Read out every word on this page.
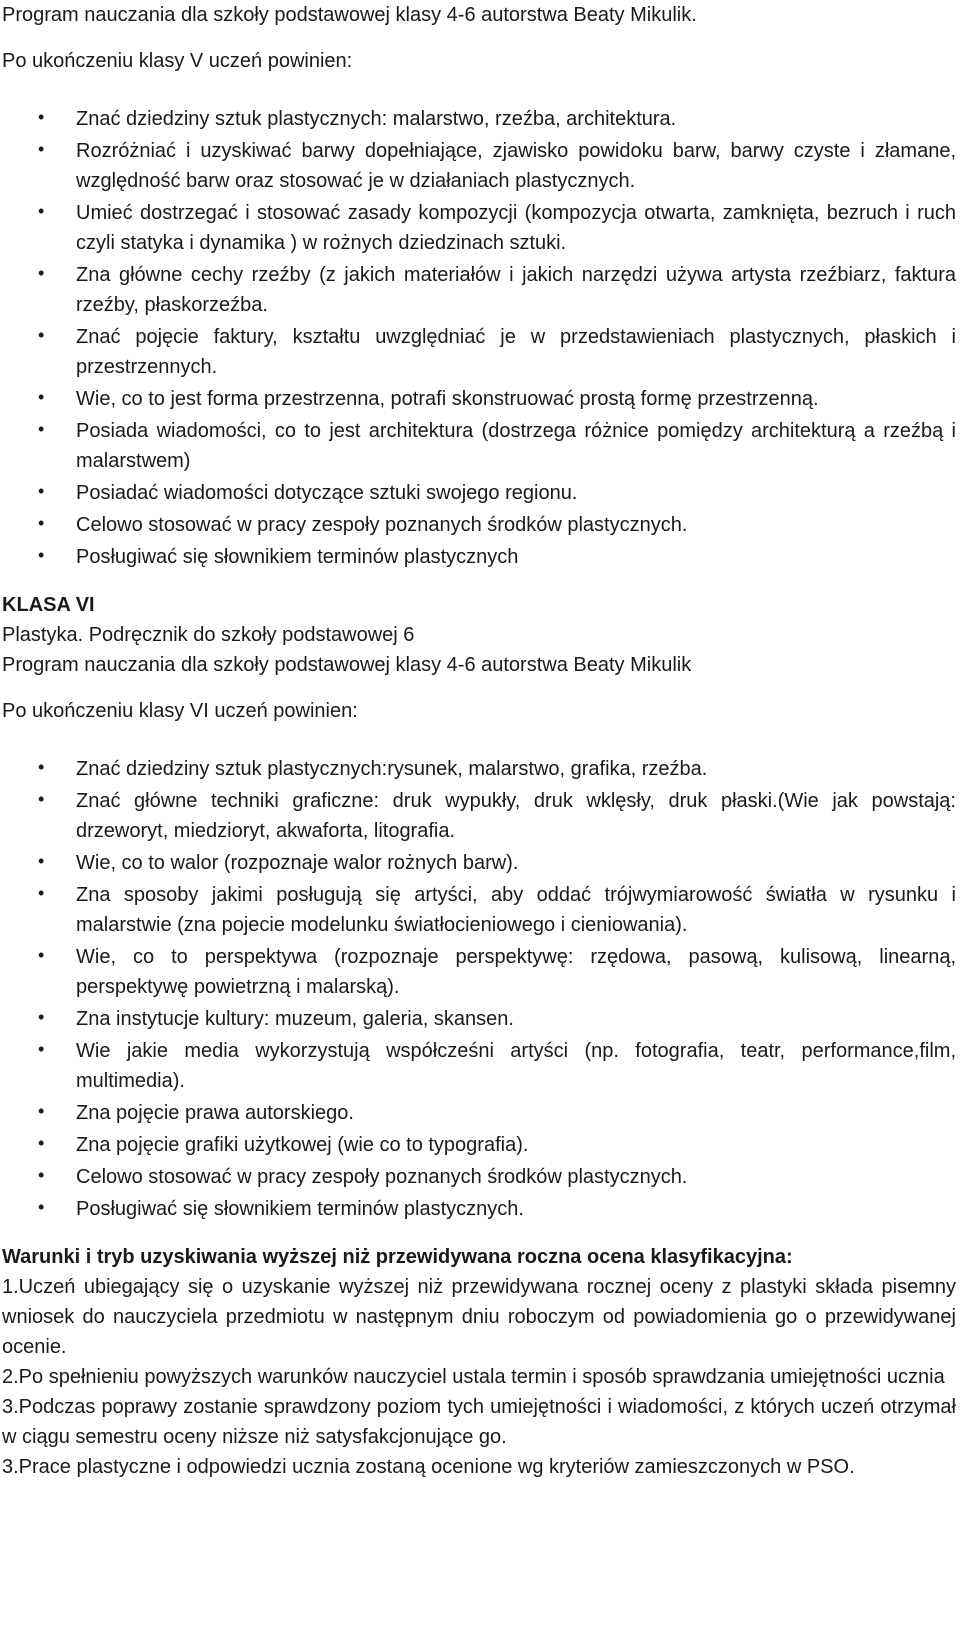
Program nauczania dla szkoły podstawowej klasy 4-6 autorstwa Beaty Mikulik.

Po ukończeniu klasy V uczeń powinien:

• Znać dziedziny sztuk plastycznych: malarstwo, rzeźba, architektura.
• Rozróżniać i uzyskiwać barwy dopełniające, zjawisko powidoku barw, barwy czyste i złamane, względność barw oraz stosować je w działaniach plastycznych.
• Umieć dostrzegać i stosować zasady kompozycji (kompozycja otwarta, zamknięta, bezruch i ruch czyli statyka i dynamika ) w rożnych dziedzinach sztuki.
• Zna główne cechy rzeźby (z jakich materiałów i jakich narzędzi używa artysta rzeźbiarz, faktura rzeźby, płaskorzeźba.
• Znać pojęcie faktury, kształtu uwzględniać je w przedstawieniach plastycznych, płaskich i przestrzennych.
• Wie, co to jest forma przestrzenna, potrafi skonstruować prostą formę przestrzenną.
• Posiada wiadomości, co to jest architektura (dostrzega różnice pomiędzy architekturą a rzeźbą i malarstwem)
• Posiadać wiadomości dotyczące sztuki swojego regionu.
• Celowo stosować w pracy zespoły poznanych środków plastycznych.
• Posługiwać się słownikiem terminów plastycznych

KLASA VI

Plastyka. Podręcznik do szkoły podstawowej 6

Program nauczania dla szkoły podstawowej klasy 4-6 autorstwa Beaty Mikulik

Po ukończeniu klasy VI uczeń powinien:

• Znać dziedziny sztuk plastycznych:rysunek, malarstwo, grafika, rzeźba.
• Znać główne techniki graficzne: druk wypukły, druk wklęsły, druk płaski.(Wie jak powstają: drzeworyt, miedzioryt, akwaforta, litografia.
• Wie, co to walor (rozpoznaje walor rożnych barw).
• Zna sposoby jakimi posługują się artyści, aby oddać trójwymiarowość światła w rysunku i malarstwie (zna pojecie modelunku światłocieniowego i cieniowania).
• Wie, co to perspektywa (rozpoznaje perspektywę: rzędowa, pasową, kulisową, linearną, perspektywę powietrzną i malarską).
• Zna instytucje kultury: muzeum, galeria, skansen.
• Wie jakie media wykorzystują współcześni artyści (np. fotografia, teatr, performance,film, multimedia).
• Zna pojęcie prawa autorskiego.
• Zna pojęcie grafiki użytkowej (wie co to typografia).
• Celowo stosować w pracy zespoły poznanych środków plastycznych.
• Posługiwać się słownikiem terminów plastycznych.

Warunki i tryb uzyskiwania wyższej niż przewidywana roczna ocena klasyfikacyjna:

1.Uczeń ubiegający się o uzyskanie wyższej niż przewidywana rocznej oceny z plastyki składa pisemny wniosek do nauczyciela przedmiotu w następnym dniu roboczym od powiadomienia go o przewidywanej ocenie.

2.Po spełnieniu powyższych warunków nauczyciel ustala termin i sposób sprawdzania umiejętności ucznia

3.Podczas poprawy zostanie sprawdzony poziom tych umiejętności i wiadomości, z których uczeń otrzymał w ciągu semestru oceny niższe niż satysfakcjonujące go.

3.Prace plastyczne i odpowiedzi ucznia zostaną ocenione wg kryteriów zamieszczonych w PSO.
